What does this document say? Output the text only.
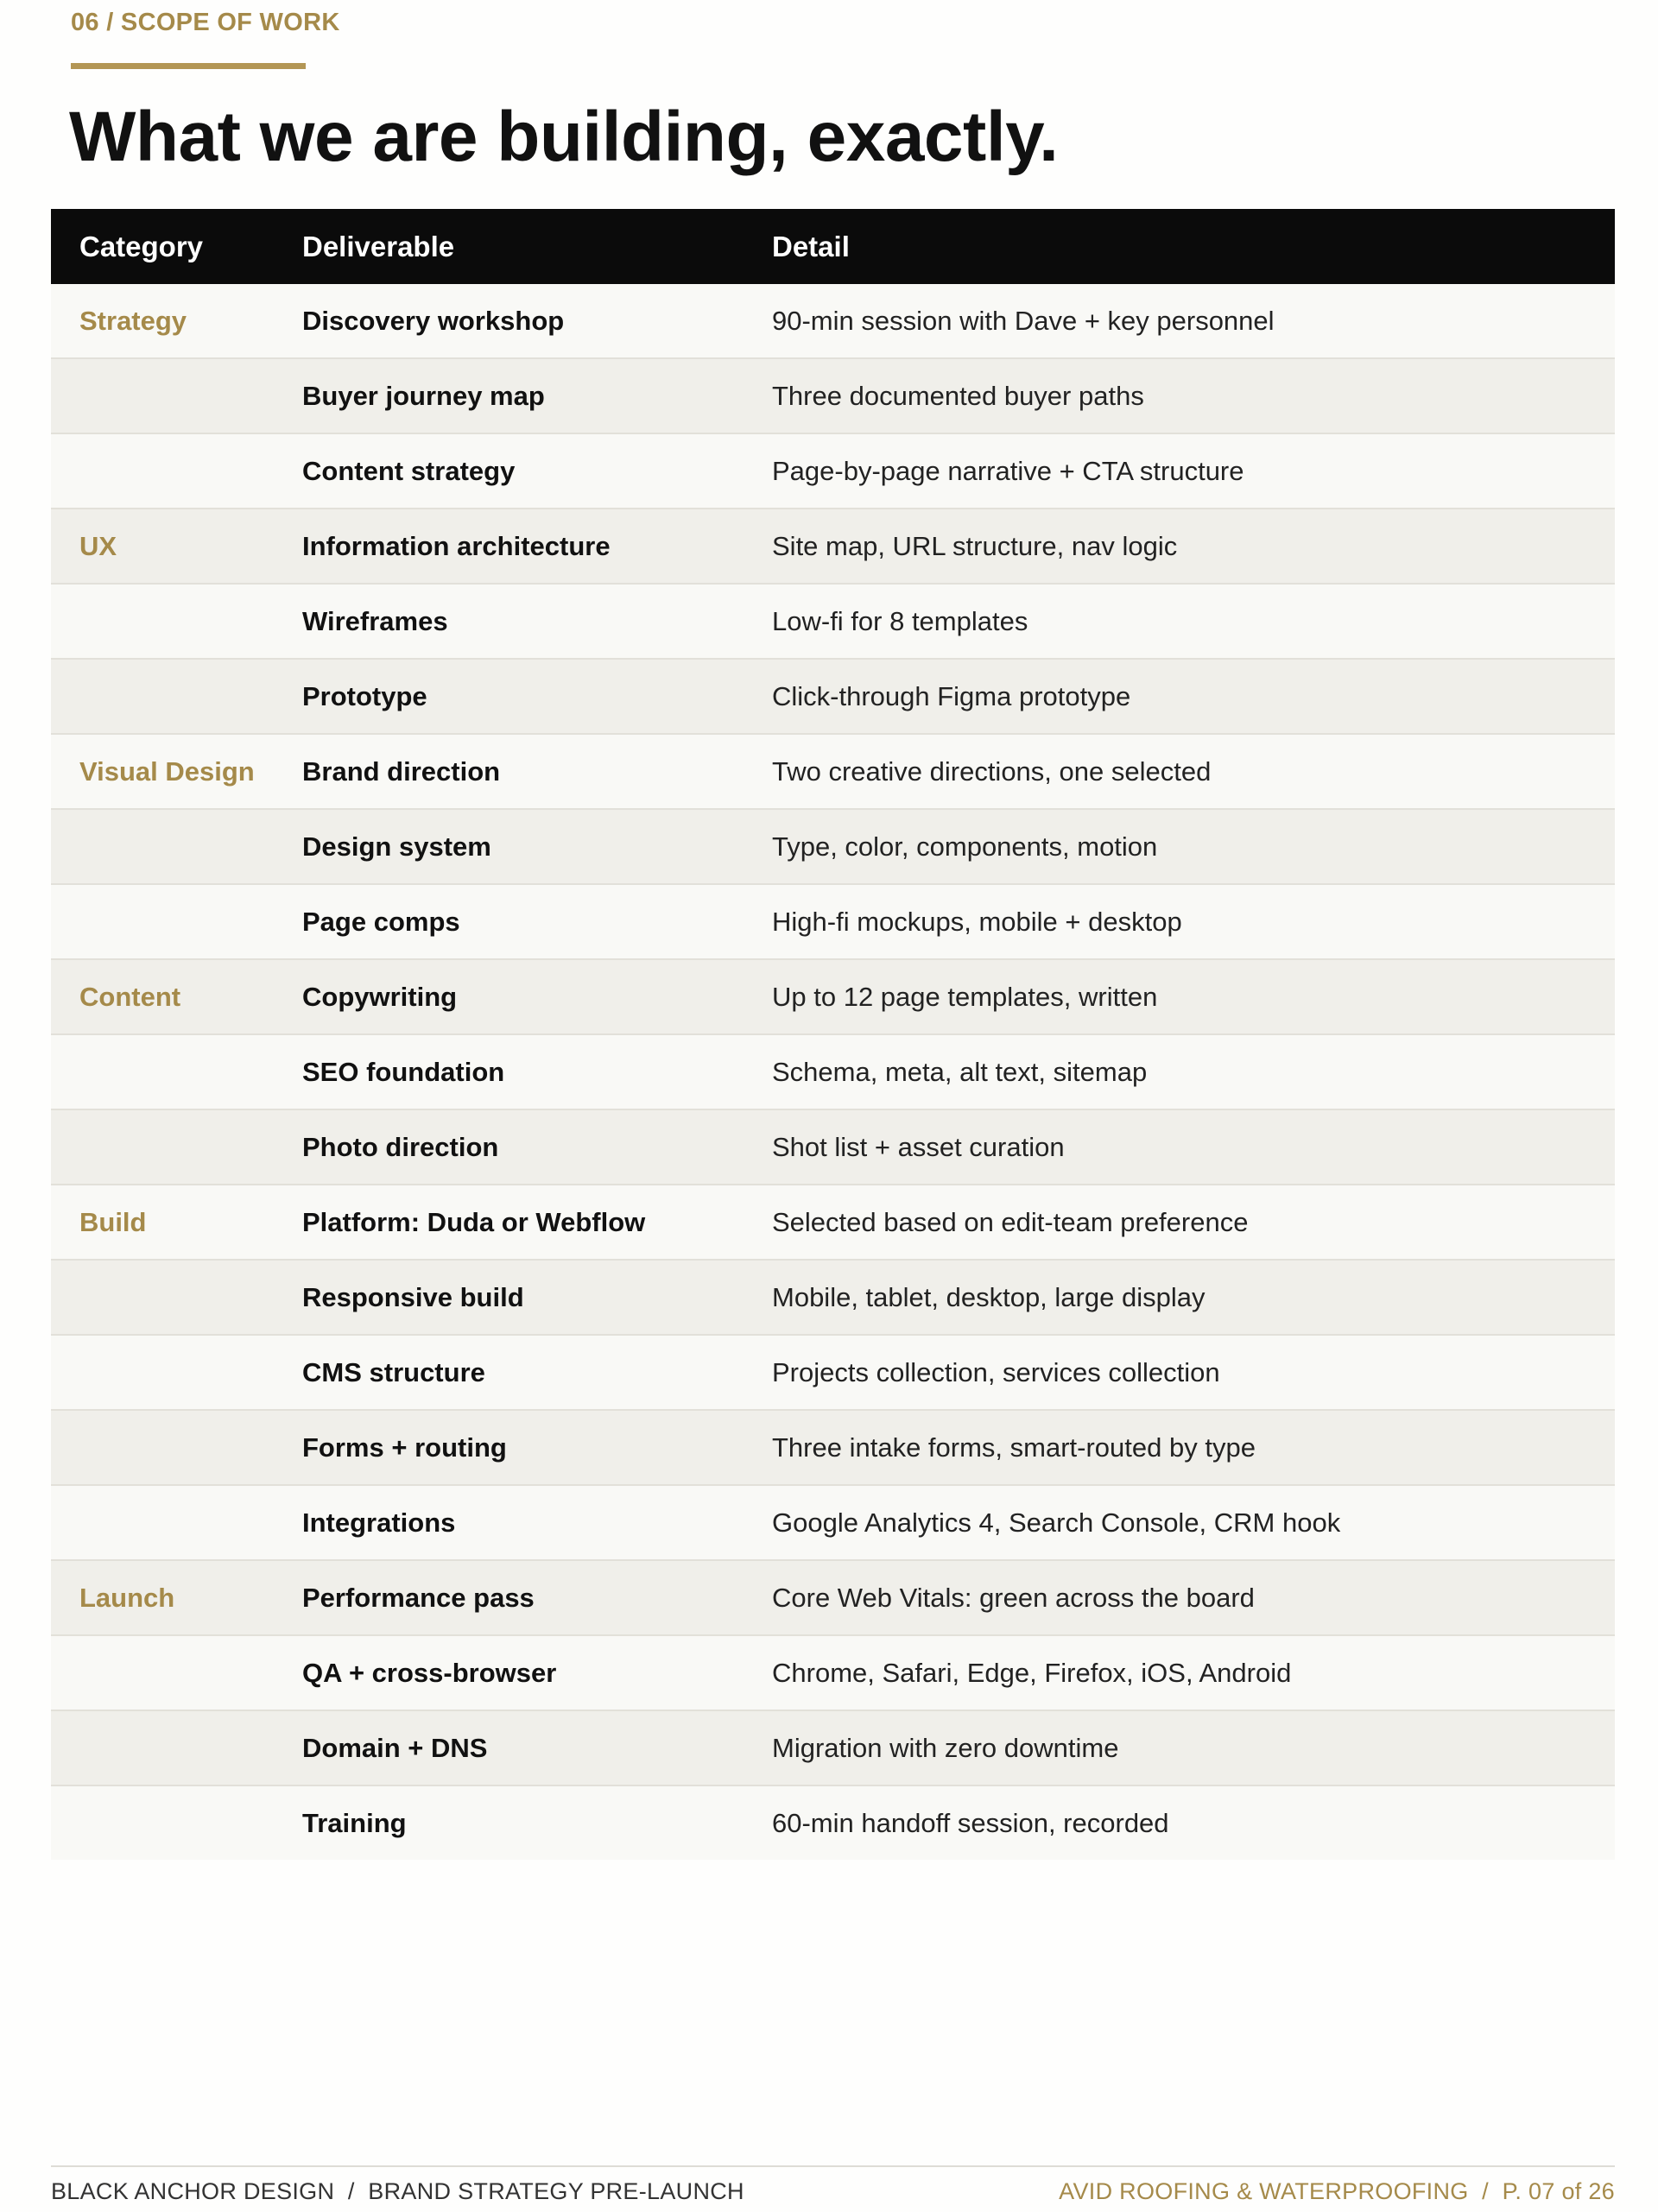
06 / SCOPE OF WORK
What we are building, exactly.
Category	Deliverable	Detail
Strategy	Discovery workshop	90-min session with Dave + key personnel
	Buyer journey map	Three documented buyer paths
	Content strategy	Page-by-page narrative + CTA structure
UX	Information architecture	Site map, URL structure, nav logic
	Wireframes	Low-fi for 8 templates
	Prototype	Click-through Figma prototype
Visual Design	Brand direction	Two creative directions, one selected
	Design system	Type, color, components, motion
	Page comps	High-fi mockups, mobile + desktop
Content	Copywriting	Up to 12 page templates, written
	SEO foundation	Schema, meta, alt text, sitemap
	Photo direction	Shot list + asset curation
Build	Platform: Duda or Webflow	Selected based on edit-team preference
	Responsive build	Mobile, tablet, desktop, large display
	CMS structure	Projects collection, services collection
	Forms + routing	Three intake forms, smart-routed by type
	Integrations	Google Analytics 4, Search Console, CRM hook
Launch	Performance pass	Core Web Vitals: green across the board
	QA + cross-browser	Chrome, Safari, Edge, Firefox, iOS, Android
	Domain + DNS	Migration with zero downtime
	Training	60-min handoff session, recorded
BLACK ANCHOR DESIGN  /  BRAND STRATEGY PRE-LAUNCH	AVID ROOFING & WATERPROOFING  /  P. 07 of 26
